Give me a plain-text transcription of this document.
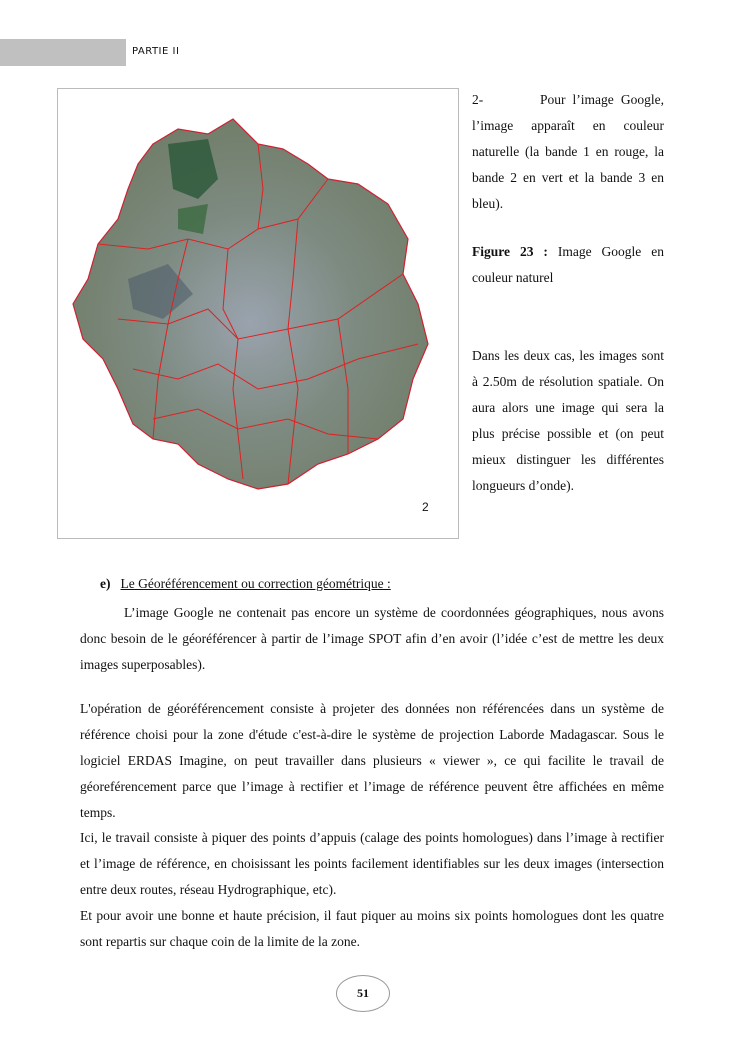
PARTIE II
2
2-        Pour l’image Google, l’image apparaît en couleur naturelle (la bande 1 en rouge, la bande 2 en vert et la bande 3 en bleu).
Figure 23 : Image Google en couleur naturel
Dans les deux cas, les images sont à 2.50m de résolution spatiale. On aura alors une image qui sera la plus précise possible et (on peut mieux distinguer les différentes longueurs d’onde).
e) Le Géoréférencement ou correction géométrique :

L’image Google ne contenait pas encore un système de coordonnées géographiques, nous avons donc besoin de le géoréférencer à partir de l’image SPOT afin d’en avoir (l’idée c’est de mettre les deux images superposables).

L'opération de géoréférencement consiste à projeter des données non référencées dans un système de référence choisi pour la zone d'étude c'est-à-dire le système de projection Laborde Madagascar. Sous le logiciel ERDAS Imagine, on peut travailler dans plusieurs « viewer », ce qui facilite le travail de géoreférencement parce que l’image à rectifier et l’image de référence peuvent être affichées en même temps.

Ici, le travail consiste à piquer des points d’appuis (calage des points homologues) dans l’image à rectifier et l’image de référence, en choisissant les points facilement identifiables sur les deux images (intersection entre deux routes, réseau Hydrographique, etc).

Et pour avoir une bonne et haute précision, il faut piquer au moins six points homologues dont les quatre sont repartis sur chaque coin de la limite de la zone.

51
